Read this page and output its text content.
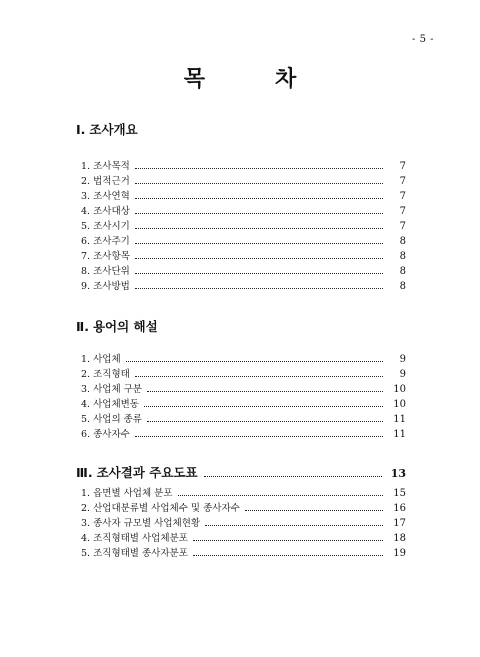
- 5 -
목	차
Ⅰ. 조사개요
1. 조사목적	7
2. 법적근거	7
3. 조사연혁	7
4. 조사대상	7
5. 조사시기	7
6. 조사주기	8
7. 조사항목	8
8. 조사단위	8
9. 조사방법	8
Ⅱ. 용어의 해설
1. 사업체	9
2. 조직형태	9
3. 사업체 구분	10
4. 사업체변동	10
5. 사업의 종류	11
6. 종사자수	11
Ⅲ. 조사결과 주요도표	13
1. 읍면별 사업체 분포	15
2. 산업대분류별 사업체수 및 종사자수	16
3. 종사자 규모별 사업체현황	17
4. 조직형태별 사업체분포	18
5. 조직형태별 종사자분포	19
